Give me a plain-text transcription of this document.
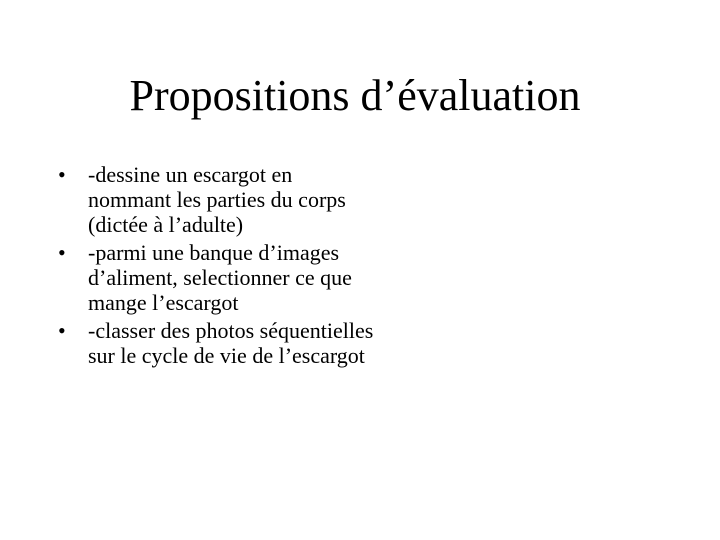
Propositions d’évaluation
•	-dessine un escargot en nommant les parties du corps (dictée à l’adulte)
•	-parmi une banque d’images d’aliment, selectionner ce que mange l’escargot
•	-classer des photos séquentielles sur le cycle de vie de l’escargot
